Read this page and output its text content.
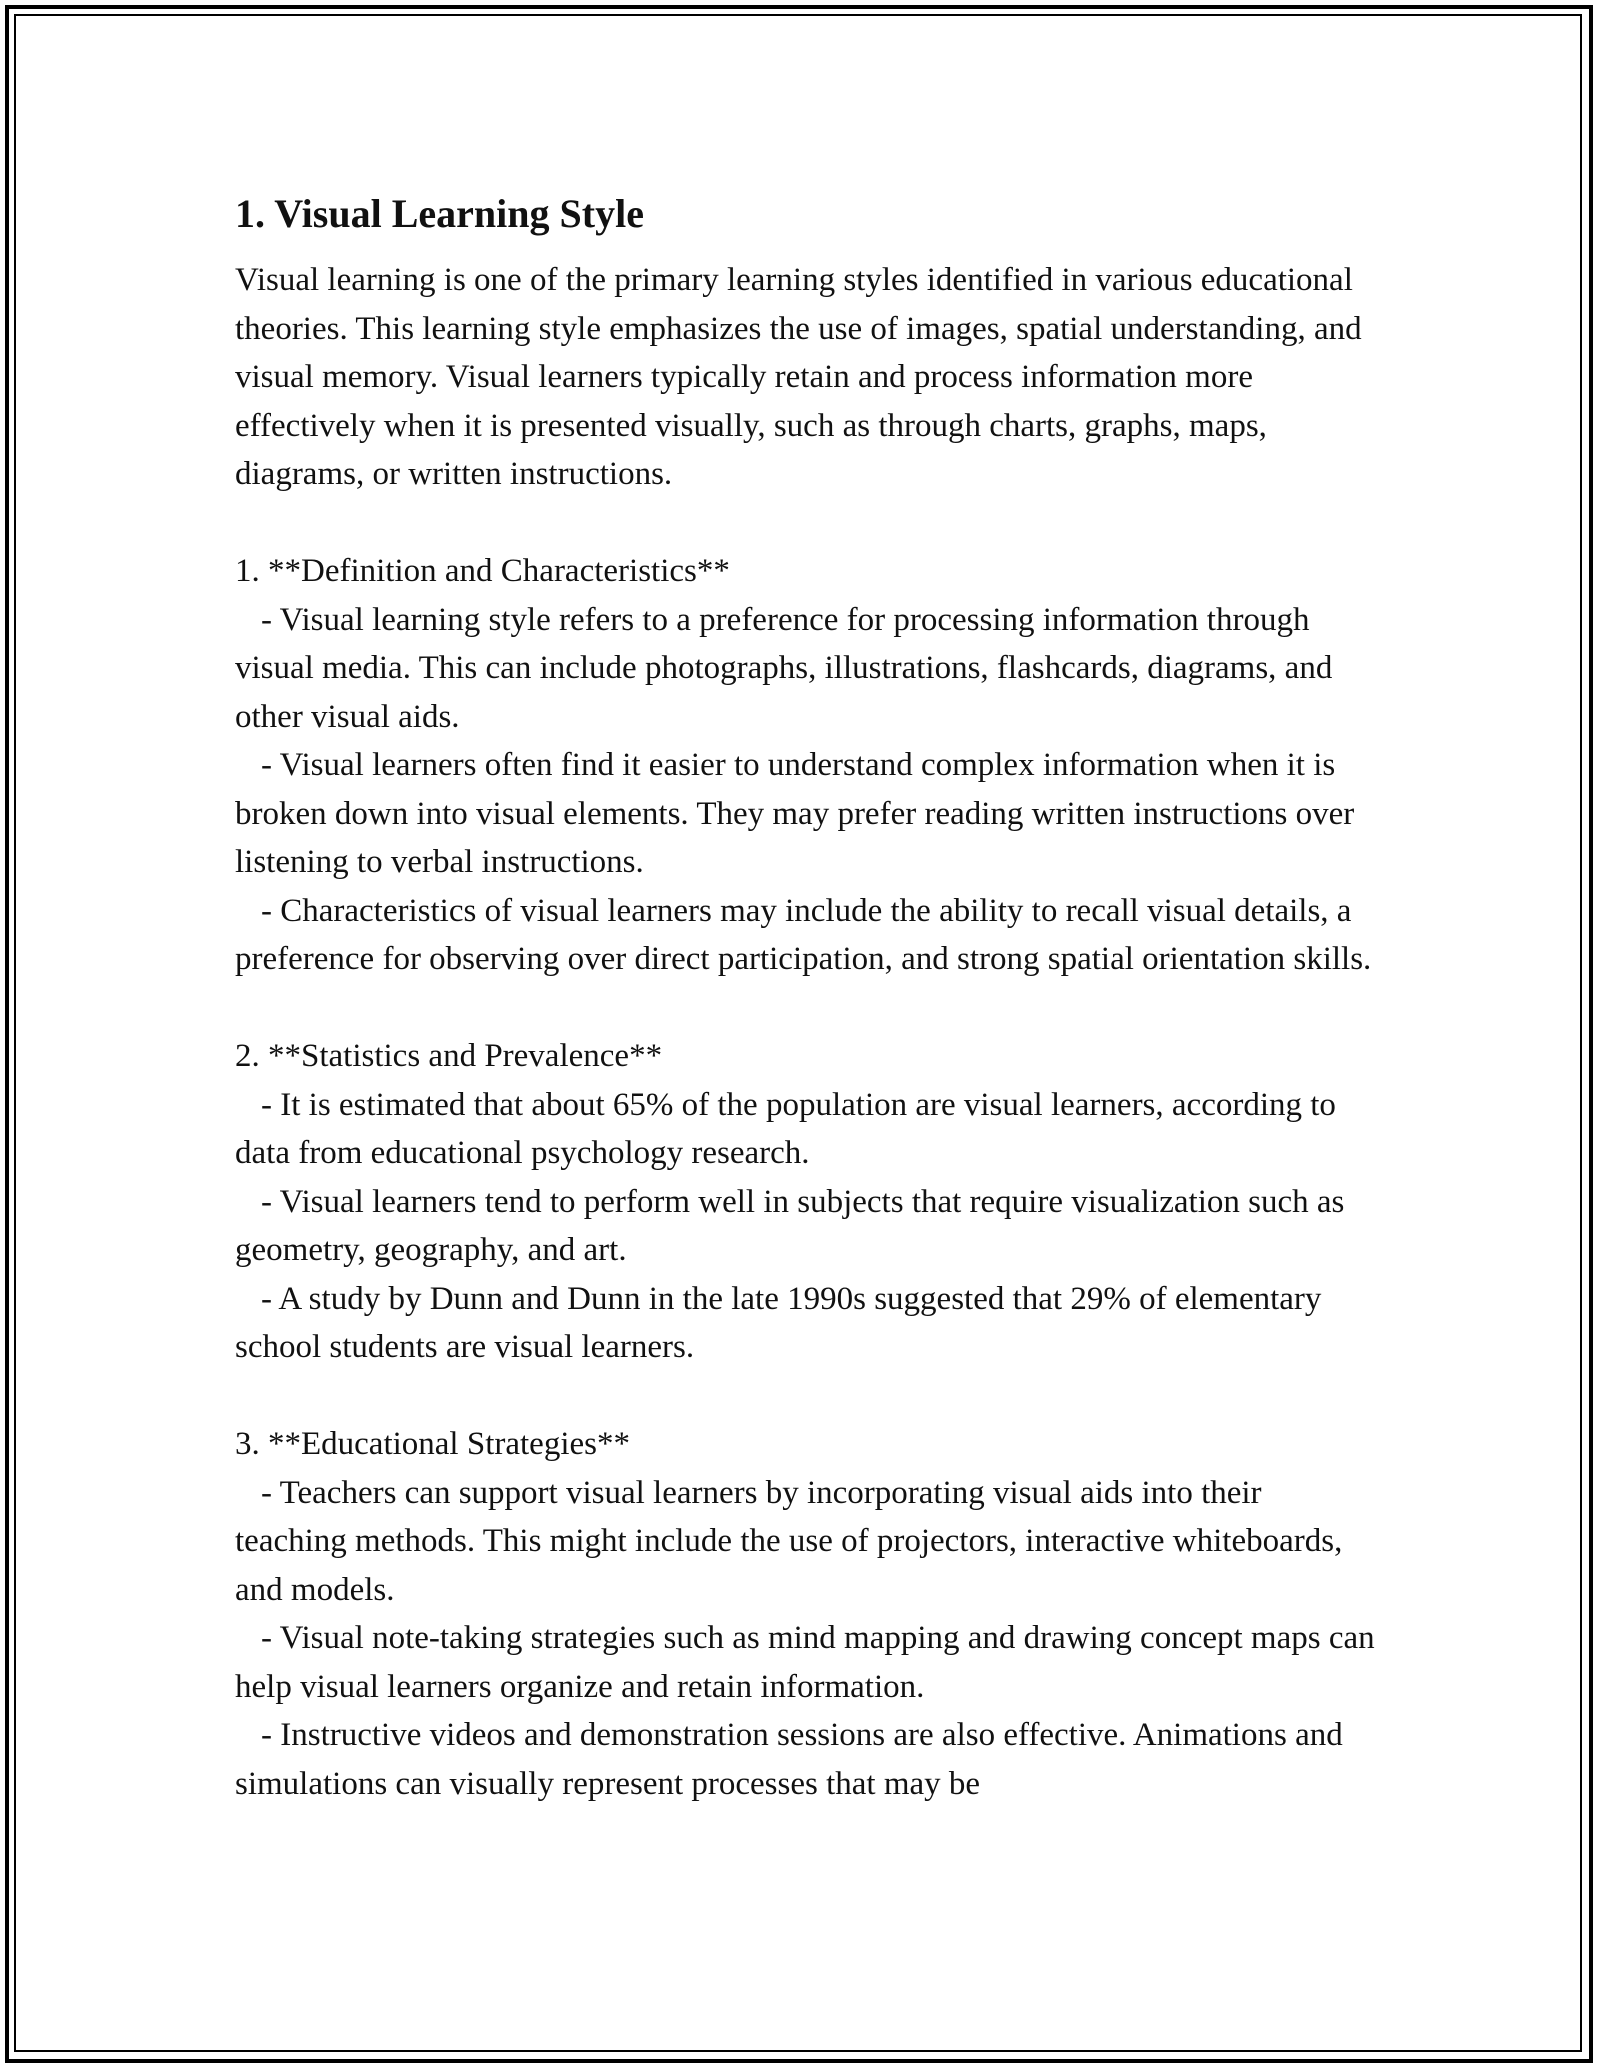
1. Visual Learning Style

Visual learning is one of the primary learning styles identified in various educational theories. This learning style emphasizes the use of images, spatial understanding, and visual memory. Visual learners typically retain and process information more effectively when it is presented visually, such as through charts, graphs, maps, diagrams, or written instructions.

1. **Definition and Characteristics**

- Visual learning style refers to a preference for processing information through visual media. This can include photographs, illustrations, flashcards, diagrams, and other visual aids.

- Visual learners often find it easier to understand complex information when it is broken down into visual elements. They may prefer reading written instructions over listening to verbal instructions.

- Characteristics of visual learners may include the ability to recall visual details, a preference for observing over direct participation, and strong spatial orientation skills.

2. **Statistics and Prevalence**

- It is estimated that about 65% of the population are visual learners, according to data from educational psychology research.

- Visual learners tend to perform well in subjects that require visualization such as geometry, geography, and art.

- A study by Dunn and Dunn in the late 1990s suggested that 29% of elementary school students are visual learners.

3. **Educational Strategies**

- Teachers can support visual learners by incorporating visual aids into their teaching methods. This might include the use of projectors, interactive whiteboards, and models.

- Visual note-taking strategies such as mind mapping and drawing concept maps can help visual learners organize and retain information.

- Instructive videos and demonstration sessions are also effective. Animations and simulations can visually represent processes that may be
